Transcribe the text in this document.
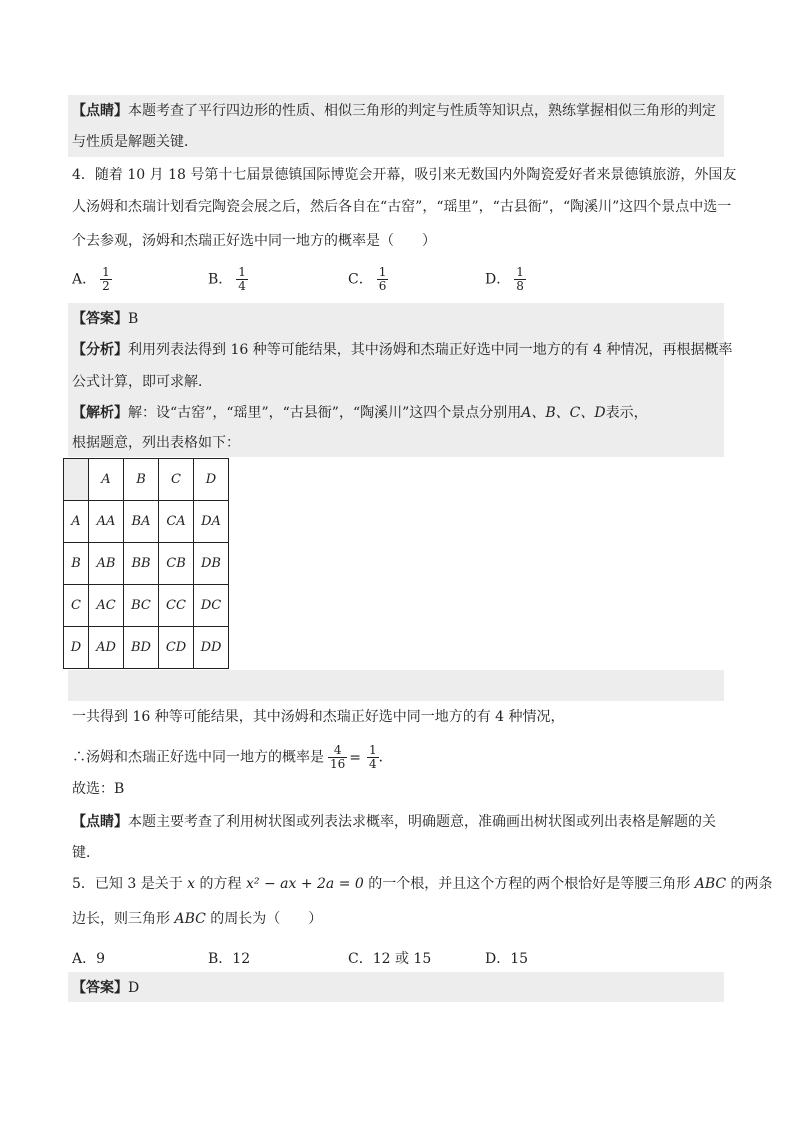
【点睛】本题考查了平行四边形的性质、相似三角形的判定与性质等知识点，熟练掌握相似三角形的判定
与性质是解题关键．
4．随着 10 月 18 号第十七届景德镇国际博览会开幕，吸引来无数国内外陶瓷爱好者来景德镇旅游，外国友
人汤姆和杰瑞计划看完陶瓷会展之后，然后各自在“古窑”，“瑶里”，“古县衙”，“陶溪川”这四个景点中选一
个去参观，汤姆和杰瑞正好选中同一地方的概率是（　　）
A． $\frac{1}{2}$	B． $\frac{1}{4}$	C． $\frac{1}{6}$	D． $\frac{1}{8}$
【答案】B
【分析】利用列表法得到 16 种等可能结果，其中汤姆和杰瑞正好选中同一地方的有 4 种情况，再根据概率
公式计算，即可求解．
【解析】解：设“古窑”，“瑶里”，“古县衙”，“陶溪川”这四个景点分别用A、B、C、D表示，
根据题意，列出表格如下：
	A	B	C	D
A	AA	BA	CA	DA
B	AB	BB	CB	DB
C	AC	BC	CC	DC
D	AD	BD	CD	DD
一共得到 16 种等可能结果，其中汤姆和杰瑞正好选中同一地方的有 4 种情况，
∴汤姆和杰瑞正好选中同一地方的概率是 $\frac{4}{16} = \frac{1}{4}$ ．
故选：B
【点睛】本题主要考查了利用树状图或列表法求概率，明确题意，准确画出树状图或列出表格是解题的关
键．
5．已知 3 是关于 x 的方程 x² − ax + 2a = 0 的一个根，并且这个方程的两个根恰好是等腰三角形 ABC 的两条
边长，则三角形 ABC 的周长为（　　）
A．9	B．12	C．12 或 15	D．15
【答案】D
